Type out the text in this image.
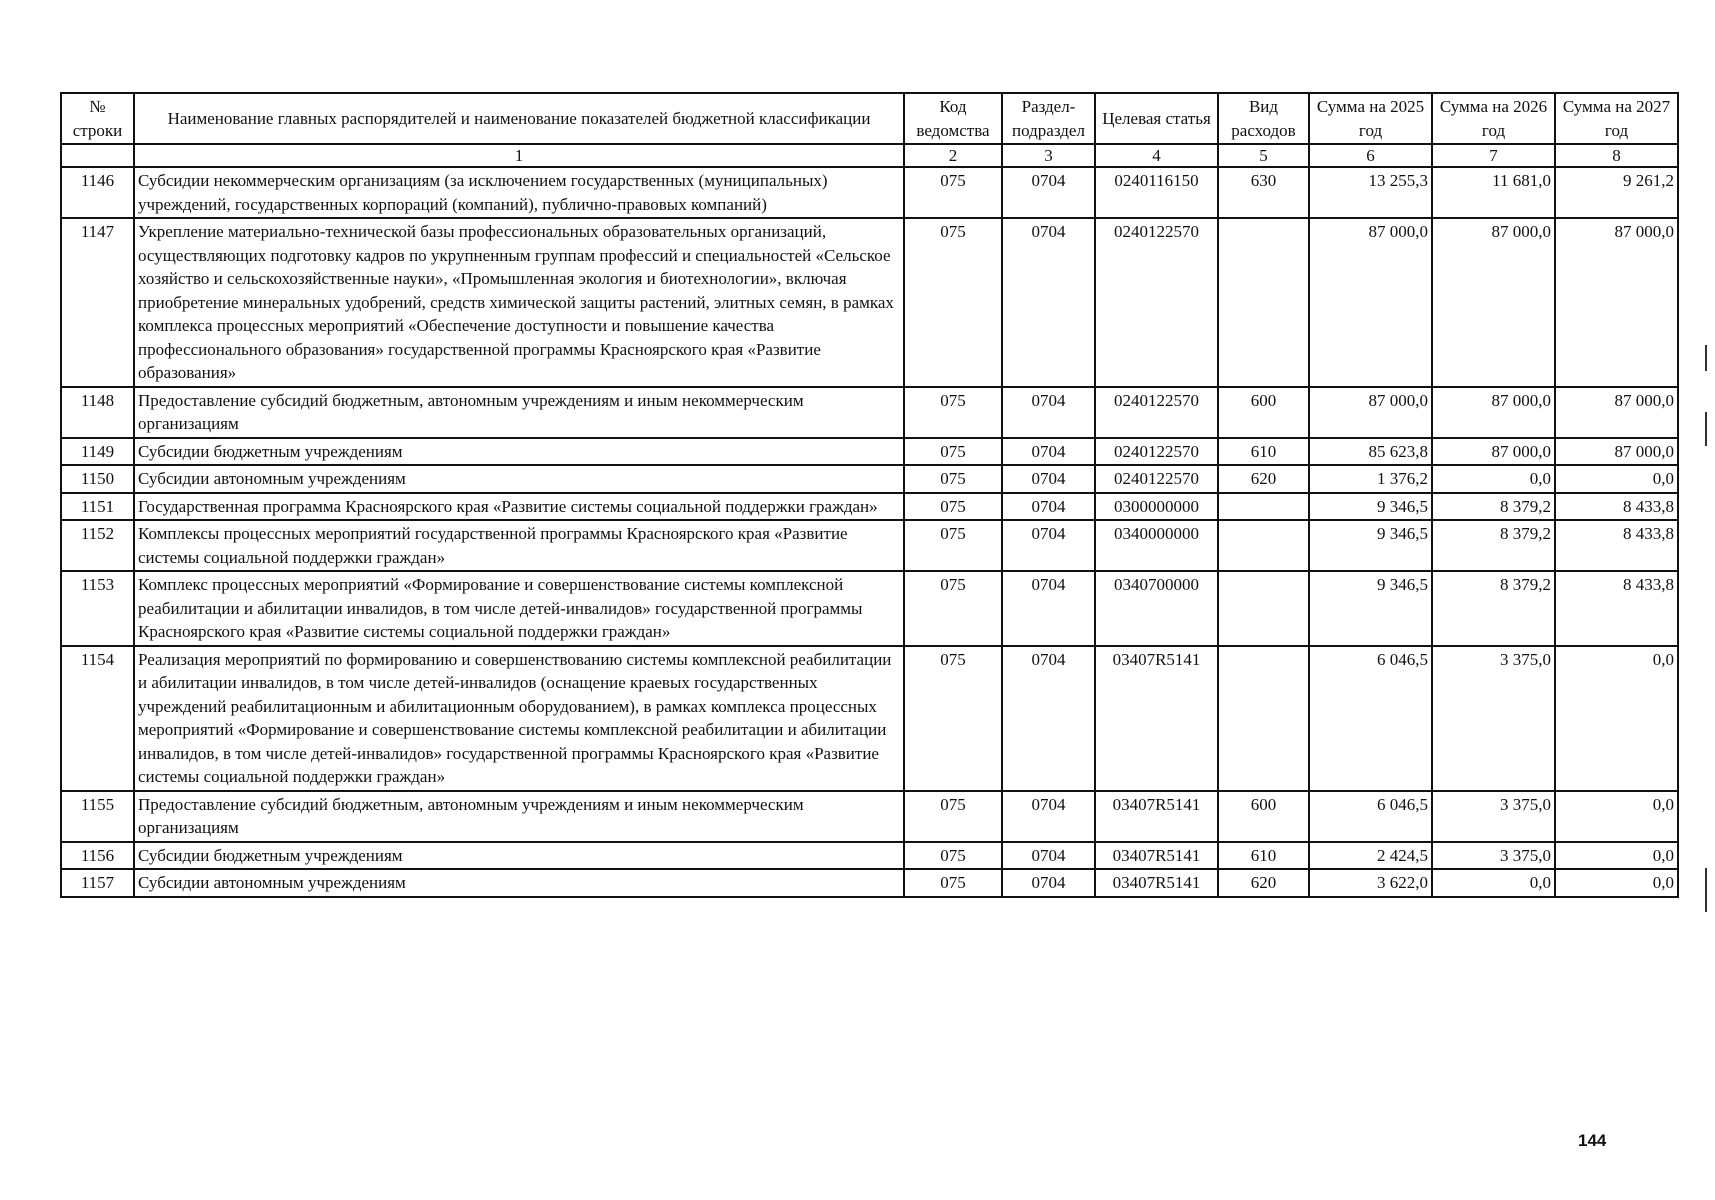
№ строки	Наименование главных распорядителей и наименование показателей бюджетной классификации	Код ведомства	Раздел-подраздел	Целевая статья	Вид расходов	Сумма на 2025 год	Сумма на 2026 год	Сумма на 2027 год
	1	2	3	4	5	6	7	8
1146	Субсидии некоммерческим организациям (за исключением государственных (муниципальных) учреждений, государственных корпораций (компаний), публично-правовых компаний)	075	0704	0240116150	630	13 255,3	11 681,0	9 261,2
1147	Укрепление материально-технической базы профессиональных образовательных организаций, осуществляющих подготовку кадров по укрупненным группам профессий и специальностей «Сельское хозяйство и сельскохозяйственные науки», «Промышленная экология и биотехнологии», включая приобретение минеральных удобрений, средств химической защиты растений, элитных семян, в рамках комплекса процессных мероприятий «Обеспечение доступности и повышение качества профессионального образования» государственной программы Красноярского края «Развитие образования»	075	0704	0240122570		87 000,0	87 000,0	87 000,0
1148	Предоставление субсидий бюджетным, автономным учреждениям и иным некоммерческим организациям	075	0704	0240122570	600	87 000,0	87 000,0	87 000,0
1149	Субсидии бюджетным учреждениям	075	0704	0240122570	610	85 623,8	87 000,0	87 000,0
1150	Субсидии автономным учреждениям	075	0704	0240122570	620	1 376,2	0,0	0,0
1151	Государственная программа Красноярского края «Развитие системы социальной поддержки граждан»	075	0704	0300000000		9 346,5	8 379,2	8 433,8
1152	Комплексы процессных мероприятий государственной программы Красноярского края «Развитие системы социальной поддержки граждан»	075	0704	0340000000		9 346,5	8 379,2	8 433,8
1153	Комплекс процессных мероприятий «Формирование и совершенствование системы комплексной реабилитации и абилитации инвалидов, в том числе детей-инвалидов» государственной программы Красноярского края «Развитие системы социальной поддержки граждан»	075	0704	0340700000		9 346,5	8 379,2	8 433,8
1154	Реализация мероприятий по формированию и совершенствованию системы комплексной реабилитации и абилитации инвалидов, в том числе детей-инвалидов (оснащение краевых государственных учреждений реабилитационным и абилитационным оборудованием), в рамках комплекса процессных мероприятий «Формирование и совершенствование системы комплексной реабилитации и абилитации инвалидов, в том числе детей-инвалидов» государственной программы Красноярского края «Развитие системы социальной поддержки граждан»	075	0704	03407R5141		6 046,5	3 375,0	0,0
1155	Предоставление субсидий бюджетным, автономным учреждениям и иным некоммерческим организациям	075	0704	03407R5141	600	6 046,5	3 375,0	0,0
1156	Субсидии бюджетным учреждениям	075	0704	03407R5141	610	2 424,5	3 375,0	0,0
1157	Субсидии автономным учреждениям	075	0704	03407R5141	620	3 622,0	0,0	0,0
144
